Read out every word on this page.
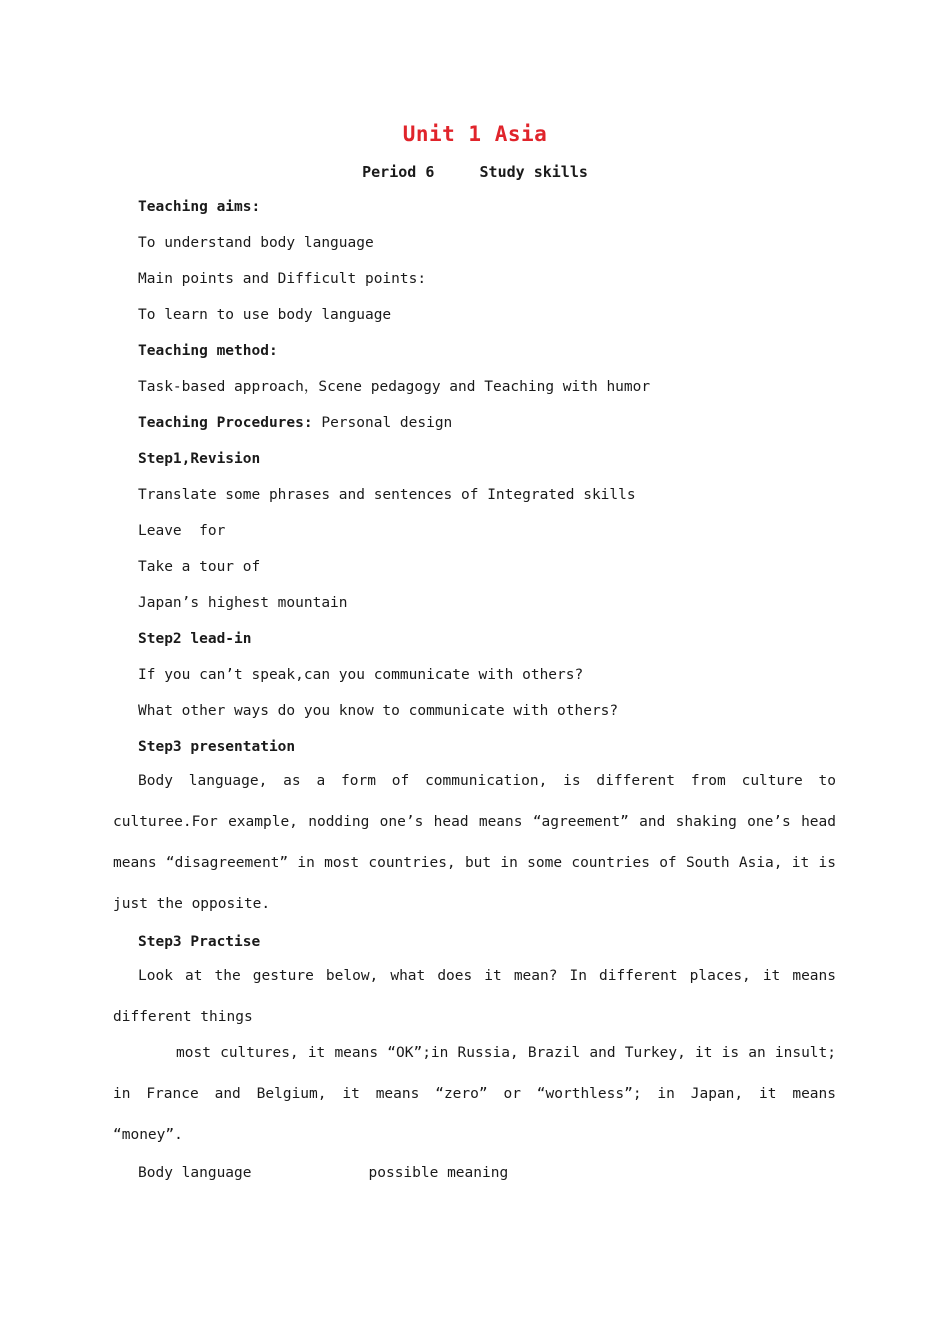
Unit 1 Asia
Period 6     Study skills
Teaching aims:
To understand body language
Main points and Difficult points:
To learn to use body language
Teaching method:
Task-based approach，Scene pedagogy and Teaching with humor
Teaching Procedures: Personal design
Step1,Revision
Translate some phrases and sentences of Integrated skills
Leave  for
Take a tour of
Japan’s highest mountain
Step2 lead-in
If you can’t speak,can you communicate with others?
What other ways do you know to communicate with others?
Step3 presentation
Body language, as a form of communication, is different from culture to
culturee.For example, nodding one’s head means “agreement” and shaking one’s head
means “disagreement” in most countries, but in some countries of South Asia, it is
just the opposite.
Step3 Practise
Look at the gesture below, what does it mean? In different places, it means
different things
most cultures, it means “OK”;in Russia, Brazil and Turkey, it is an insult;
in France and Belgium, it means “zero” or “worthless”; in Japan, it means
“money”.
Body language	possible meaning
